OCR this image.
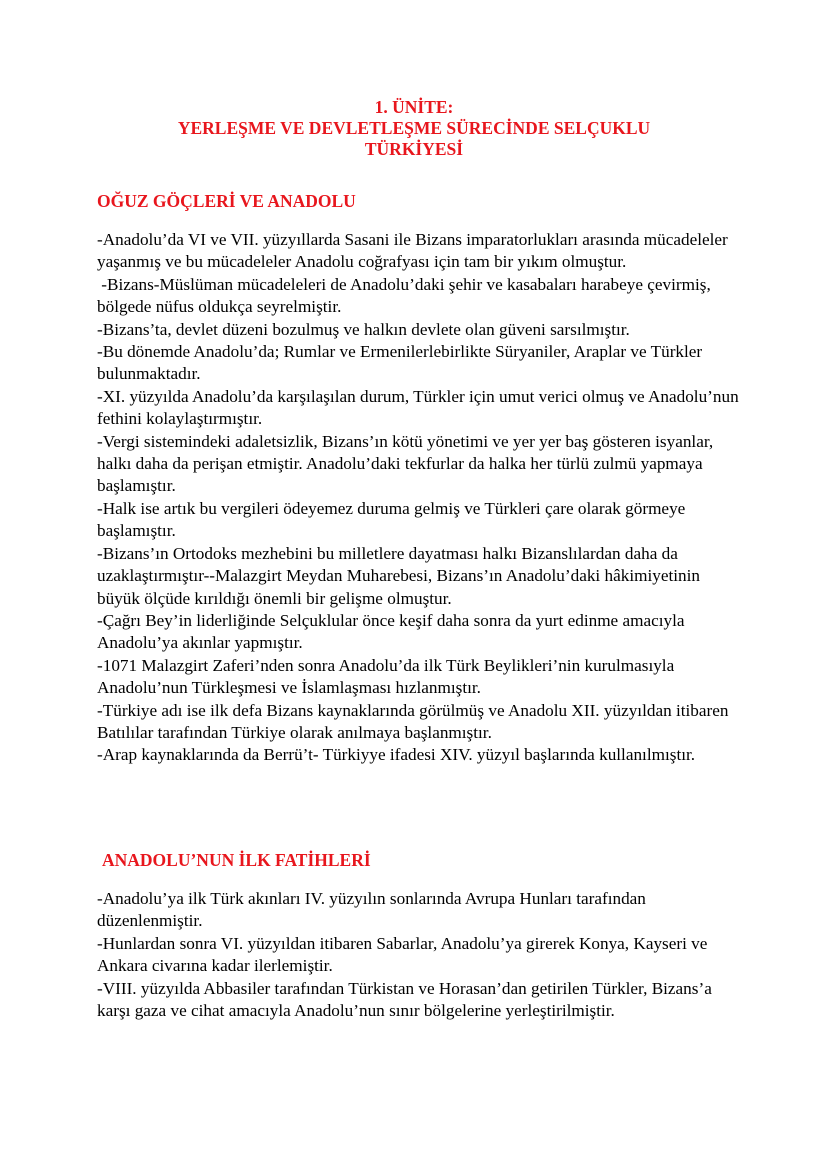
1. ÜNİTE:
YERLEŞME VE DEVLETLEŞME SÜRECİNDE SELÇUKLU
TÜRKİYESİ
OĞUZ GÖÇLERİ VE ANADOLU

-Anadolu’da VI ve VII. yüzyıllarda Sasani ile Bizans imparatorlukları arasında mücadeleler yaşanmış ve bu mücadeleler Anadolu coğrafyası için tam bir yıkım olmuştur.

-Bizans-Müslüman mücadeleleri de Anadolu’daki şehir ve kasabaları harabeye çevirmiş, bölgede nüfus oldukça seyrelmiştir.

-Bizans’ta, devlet düzeni bozulmuş ve halkın devlete olan güveni sarsılmıştır.

-Bu dönemde Anadolu’da; Rumlar ve Ermenilerlebirlikte Süryaniler, Araplar ve Türkler bulunmaktadır.

-XI. yüzyılda Anadolu’da karşılaşılan durum, Türkler için umut verici olmuş ve Anadolu’nun fethini kolaylaştırmıştır.

-Vergi sistemindeki adaletsizlik, Bizans’ın kötü yönetimi ve yer yer baş gösteren isyanlar, halkı daha da perişan etmiştir. Anadolu’daki tekfurlar da halka her türlü zulmü yapmaya başlamıştır.

-Halk ise artık bu vergileri ödeyemez duruma gelmiş ve Türkleri çare olarak görmeye başlamıştır.

-Bizans’ın Ortodoks mezhebini bu milletlere dayatması halkı Bizanslılardan daha da uzaklaştırmıştır--Malazgirt Meydan Muharebesi, Bizans’ın Anadolu’daki hâkimiyetinin büyük ölçüde kırıldığı önemli bir gelişme olmuştur.

-Çağrı Bey’in liderliğinde Selçuklular önce keşif daha sonra da yurt edinme amacıyla Anadolu’ya akınlar yapmıştır.

-1071 Malazgirt Zaferi’nden sonra Anadolu’da ilk Türk Beylikleri’nin kurulmasıyla Anadolu’nun Türkleşmesi ve İslamlaşması hızlanmıştır.

-Türkiye adı ise ilk defa Bizans kaynaklarında görülmüş ve Anadolu XII. yüzyıldan itibaren Batılılar tarafından Türkiye olarak anılmaya başlanmıştır.

-Arap kaynaklarında da Berrü’t- Türkiyye ifadesi XIV. yüzyıl başlarında kullanılmıştır.

ANADOLU’NUN İLK FATİHLERİ

-Anadolu’ya ilk Türk akınları IV. yüzyılın sonlarında Avrupa Hunları tarafından düzenlenmiştir.

-Hunlardan sonra VI. yüzyıldan itibaren Sabarlar, Anadolu’ya girerek Konya, Kayseri ve Ankara civarına kadar ilerlemiştir.

-VIII. yüzyılda Abbasiler tarafından Türkistan ve Horasan’dan getirilen Türkler, Bizans’a karşı gaza ve cihat amacıyla Anadolu’nun sınır bölgelerine yerleştirilmiştir.
